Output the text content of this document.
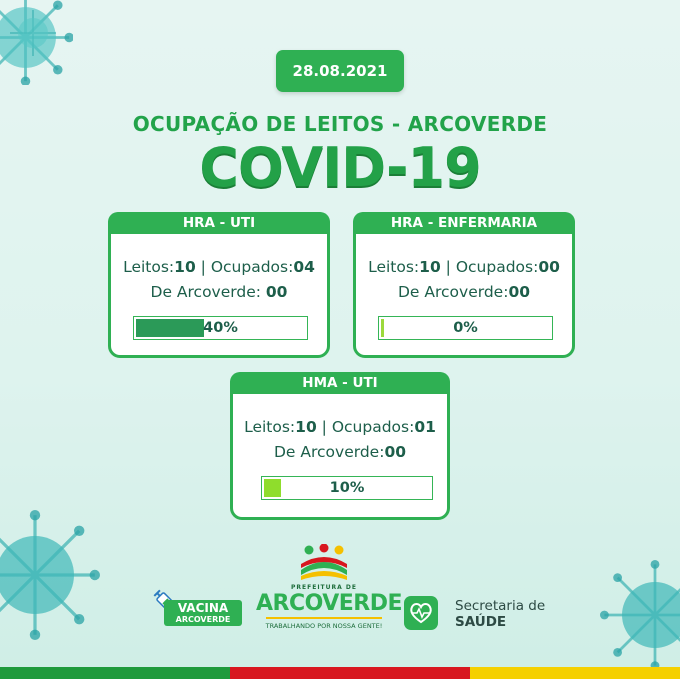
28.08.2021
OCUPAÇÃO DE LEITOS - ARCOVERDE
COVID-19
HRA - UTI
Leitos:10 | Ocupados:04
De Arcoverde: 00
40%
HRA - ENFERMARIA
Leitos:10 | Ocupados:00
De Arcoverde:00
0%
HMA - UTI
Leitos:10 | Ocupados:01
De Arcoverde:00
10%
VACINA
ARCOVERDE
PREFEITURA DE
ARCOVERDE
TRABALHANDO POR NOSSA GENTE!
Secretaria de
SAÚDE
